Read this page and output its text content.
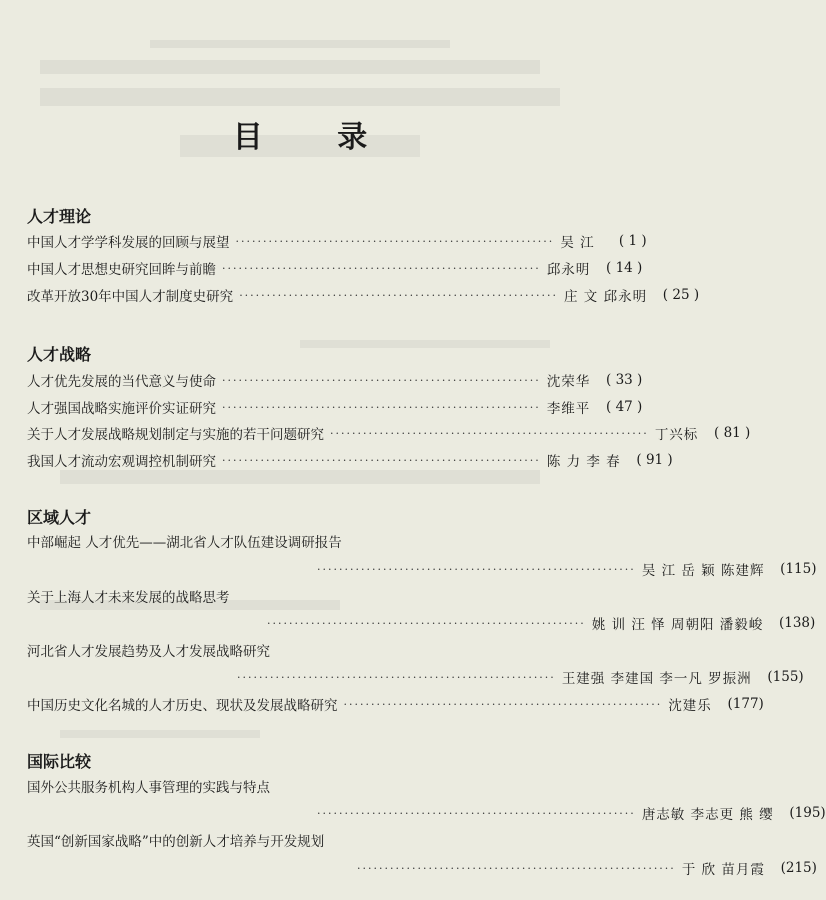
目 录
人才理论
中国人才学学科发展的回顾与展望 ·························································· 吴 江	( 1 )
中国人才思想史研究回眸与前瞻 ·························································· 邱永明	( 14 )
改革开放30年中国人才制度史研究 ·························································· 庄 文 邱永明	( 25 )
人才战略
人才优先发展的当代意义与使命 ·························································· 沈荣华	( 33 )
人才强国战略实施评价实证研究 ·························································· 李维平	( 47 )
关于人才发展战略规划制定与实施的若干问题研究 ·························································· 丁兴标	( 81 )
我国人才流动宏观调控机制研究 ·························································· 陈 力 李 春	( 91 )
区域人才
中部崛起 人才优先——湖北省人才队伍建设调研报告
·························································· 吴 江 岳 颖 陈建辉	(115)
关于上海人才未来发展的战略思考
·························································· 姚 训 汪 怿 周朝阳 潘毅峻	(138)
河北省人才发展趋势及人才发展战略研究
·························································· 王建强 李建国 李一凡 罗振洲	(155)
中国历史文化名城的人才历史、现状及发展战略研究 ·························································· 沈建乐	(177)
国际比较
国外公共服务机构人事管理的实践与特点
·························································· 唐志敏 李志更 熊 缨	(195)
英国“创新国家战略”中的创新人才培养与开发规划
·························································· 于 欣 苗月霞	(215)
